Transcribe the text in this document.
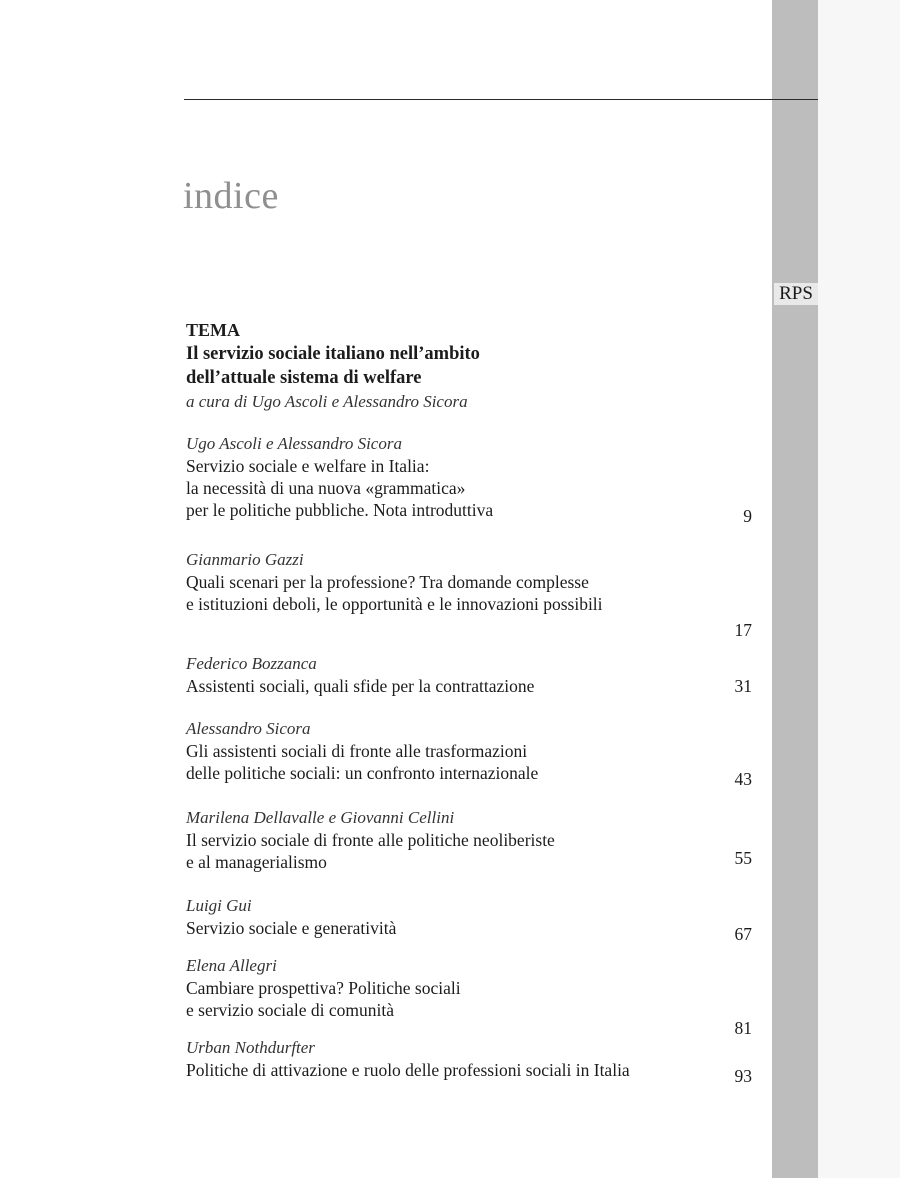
RPS
indice
TEMA
Il servizio sociale italiano nell’ambito
dell’attuale sistema di welfare
a cura di Ugo Ascoli e Alessandro Sicora
Ugo Ascoli e Alessandro Sicora
Servizio sociale e welfare in Italia:
la necessità di una nuova «grammatica»
per le politiche pubbliche. Nota introduttiva	9
Gianmario Gazzi
Quali scenari per la professione? Tra domande complesse
e istituzioni deboli, le opportunità e le innovazioni possibili
17
Federico Bozzanca
Assistenti sociali, quali sfide per la contrattazione	31
Alessandro Sicora
Gli assistenti sociali di fronte alle trasformazioni
delle politiche sociali: un confronto internazionale	43
Marilena Dellavalle e Giovanni Cellini
Il servizio sociale di fronte alle politiche neoliberiste
e al managerialismo	55
Luigi Gui
Servizio sociale e generatività	67
Elena Allegri
Cambiare prospettiva? Politiche sociali
e servizio sociale di comunità
81
Urban Nothdurfter
Politiche di attivazione e ruolo delle professioni sociali in Italia	93
